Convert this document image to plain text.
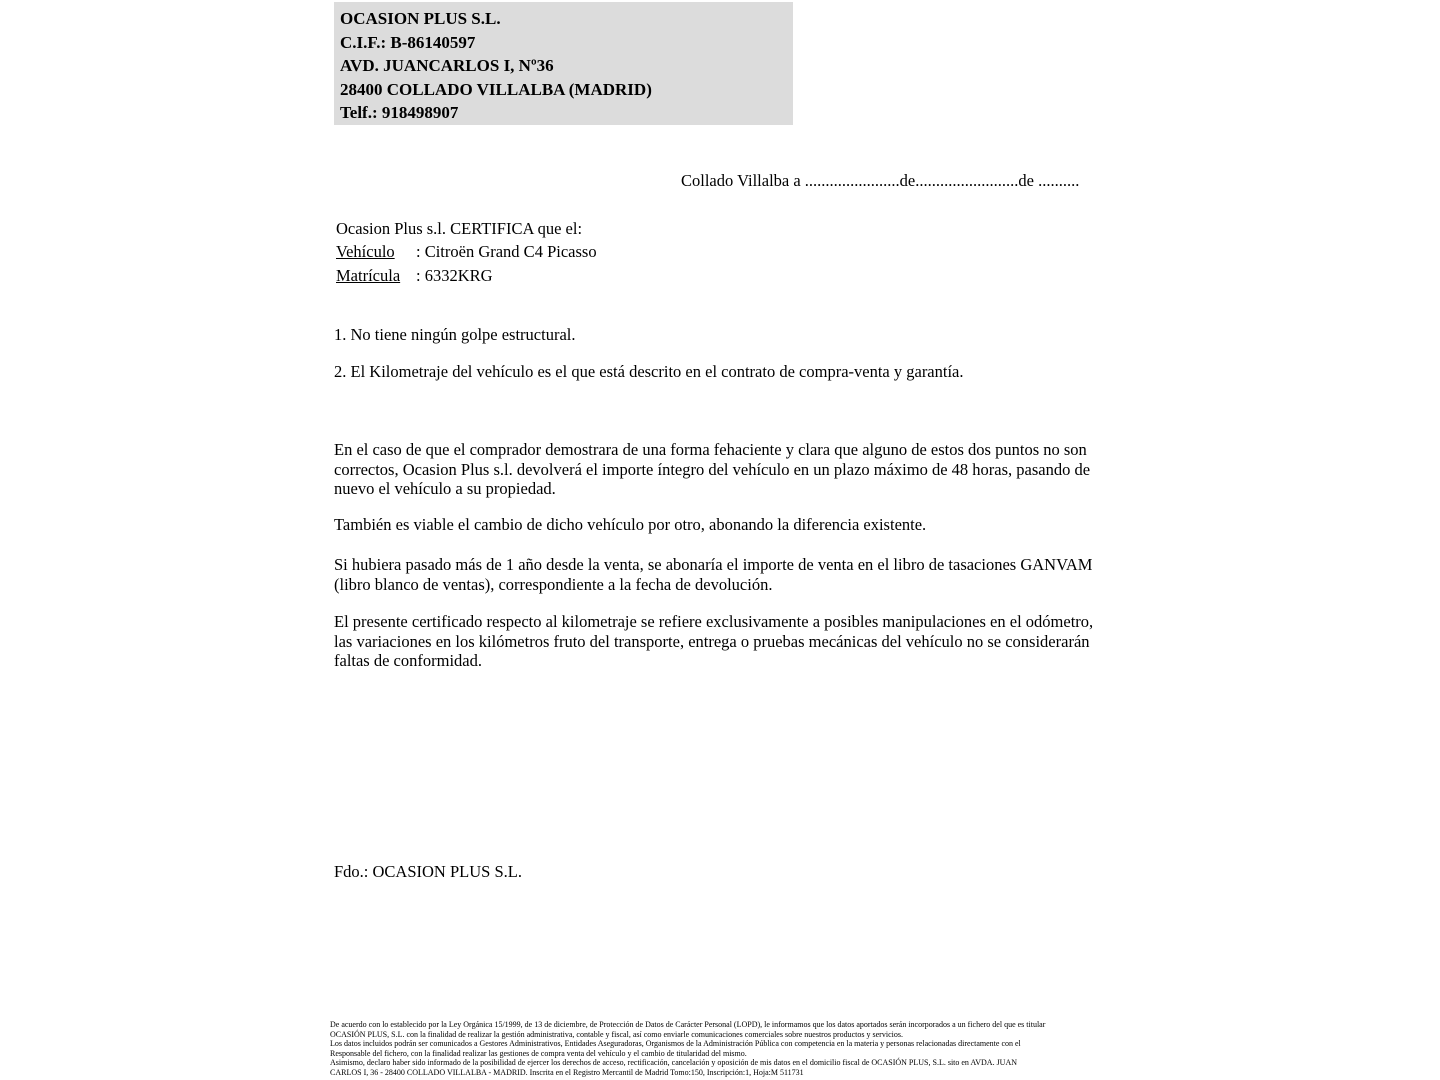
OCASION PLUS S.L.
C.I.F.: B-86140597
AVD. JUANCARLOS I, Nº36
28400 COLLADO VILLALBA (MADRID)
Telf.: 918498907
Collado Villalba a .......................de.........................de ..........
Ocasion Plus s.l. CERTIFICA que el:
Vehículo : Citroën Grand C4 Picasso
Matrícula : 6332KRG
1. No tiene ningún golpe estructural.
2. El Kilometraje del vehículo es el que está descrito en el contrato de compra-venta y garantía.
En el caso de que el comprador demostrara de una forma fehaciente y clara que alguno de estos dos puntos no son correctos, Ocasion Plus s.l. devolverá el importe íntegro del vehículo en un plazo máximo de 48 horas, pasando de nuevo el vehículo a su propiedad.
También es viable el cambio de dicho vehículo por otro, abonando la diferencia existente.
Si hubiera pasado más de 1 año desde la venta, se abonaría el importe de venta en el libro de tasaciones GANVAM (libro blanco de ventas), correspondiente a la fecha de devolución.
El presente certificado respecto al kilometraje se refiere exclusivamente a posibles manipulaciones en el odómetro, las variaciones en los kilómetros fruto del transporte, entrega o pruebas mecánicas del vehículo no se considerarán faltas de conformidad.
Fdo.: OCASION PLUS S.L.
De acuerdo con lo establecido por la Ley Orgánica 15/1999, de 13 de diciembre, de Protección de Datos de Carácter Personal (LOPD), le informamos que los datos aportados serán incorporados a un fichero del que es titular
OCASIÓN PLUS, S.L. con la finalidad de realizar la gestión administrativa, contable y fiscal, así como enviarle comunicaciones comerciales sobre nuestros productos y servicios.
Los datos incluidos podrán ser comunicados a Gestores Administrativos, Entidades Aseguradoras, Organismos de la Administración Pública con competencia en la materia y personas relacionadas directamente con el
Responsable del fichero, con la finalidad realizar las gestiones de compra venta del vehículo y el cambio de titularidad del mismo.
Asimismo, declaro haber sido informado de la posibilidad de ejercer los derechos de acceso, rectificación, cancelación y oposición de mis datos en el domicilio fiscal de OCASIÓN PLUS, S.L. sito en AVDA. JUAN
CARLOS I, 36 - 28400 COLLADO VILLALBA - MADRID. Inscrita en el Registro Mercantil de Madrid Tomo:150, Inscripción:1, Hoja:M 511731
